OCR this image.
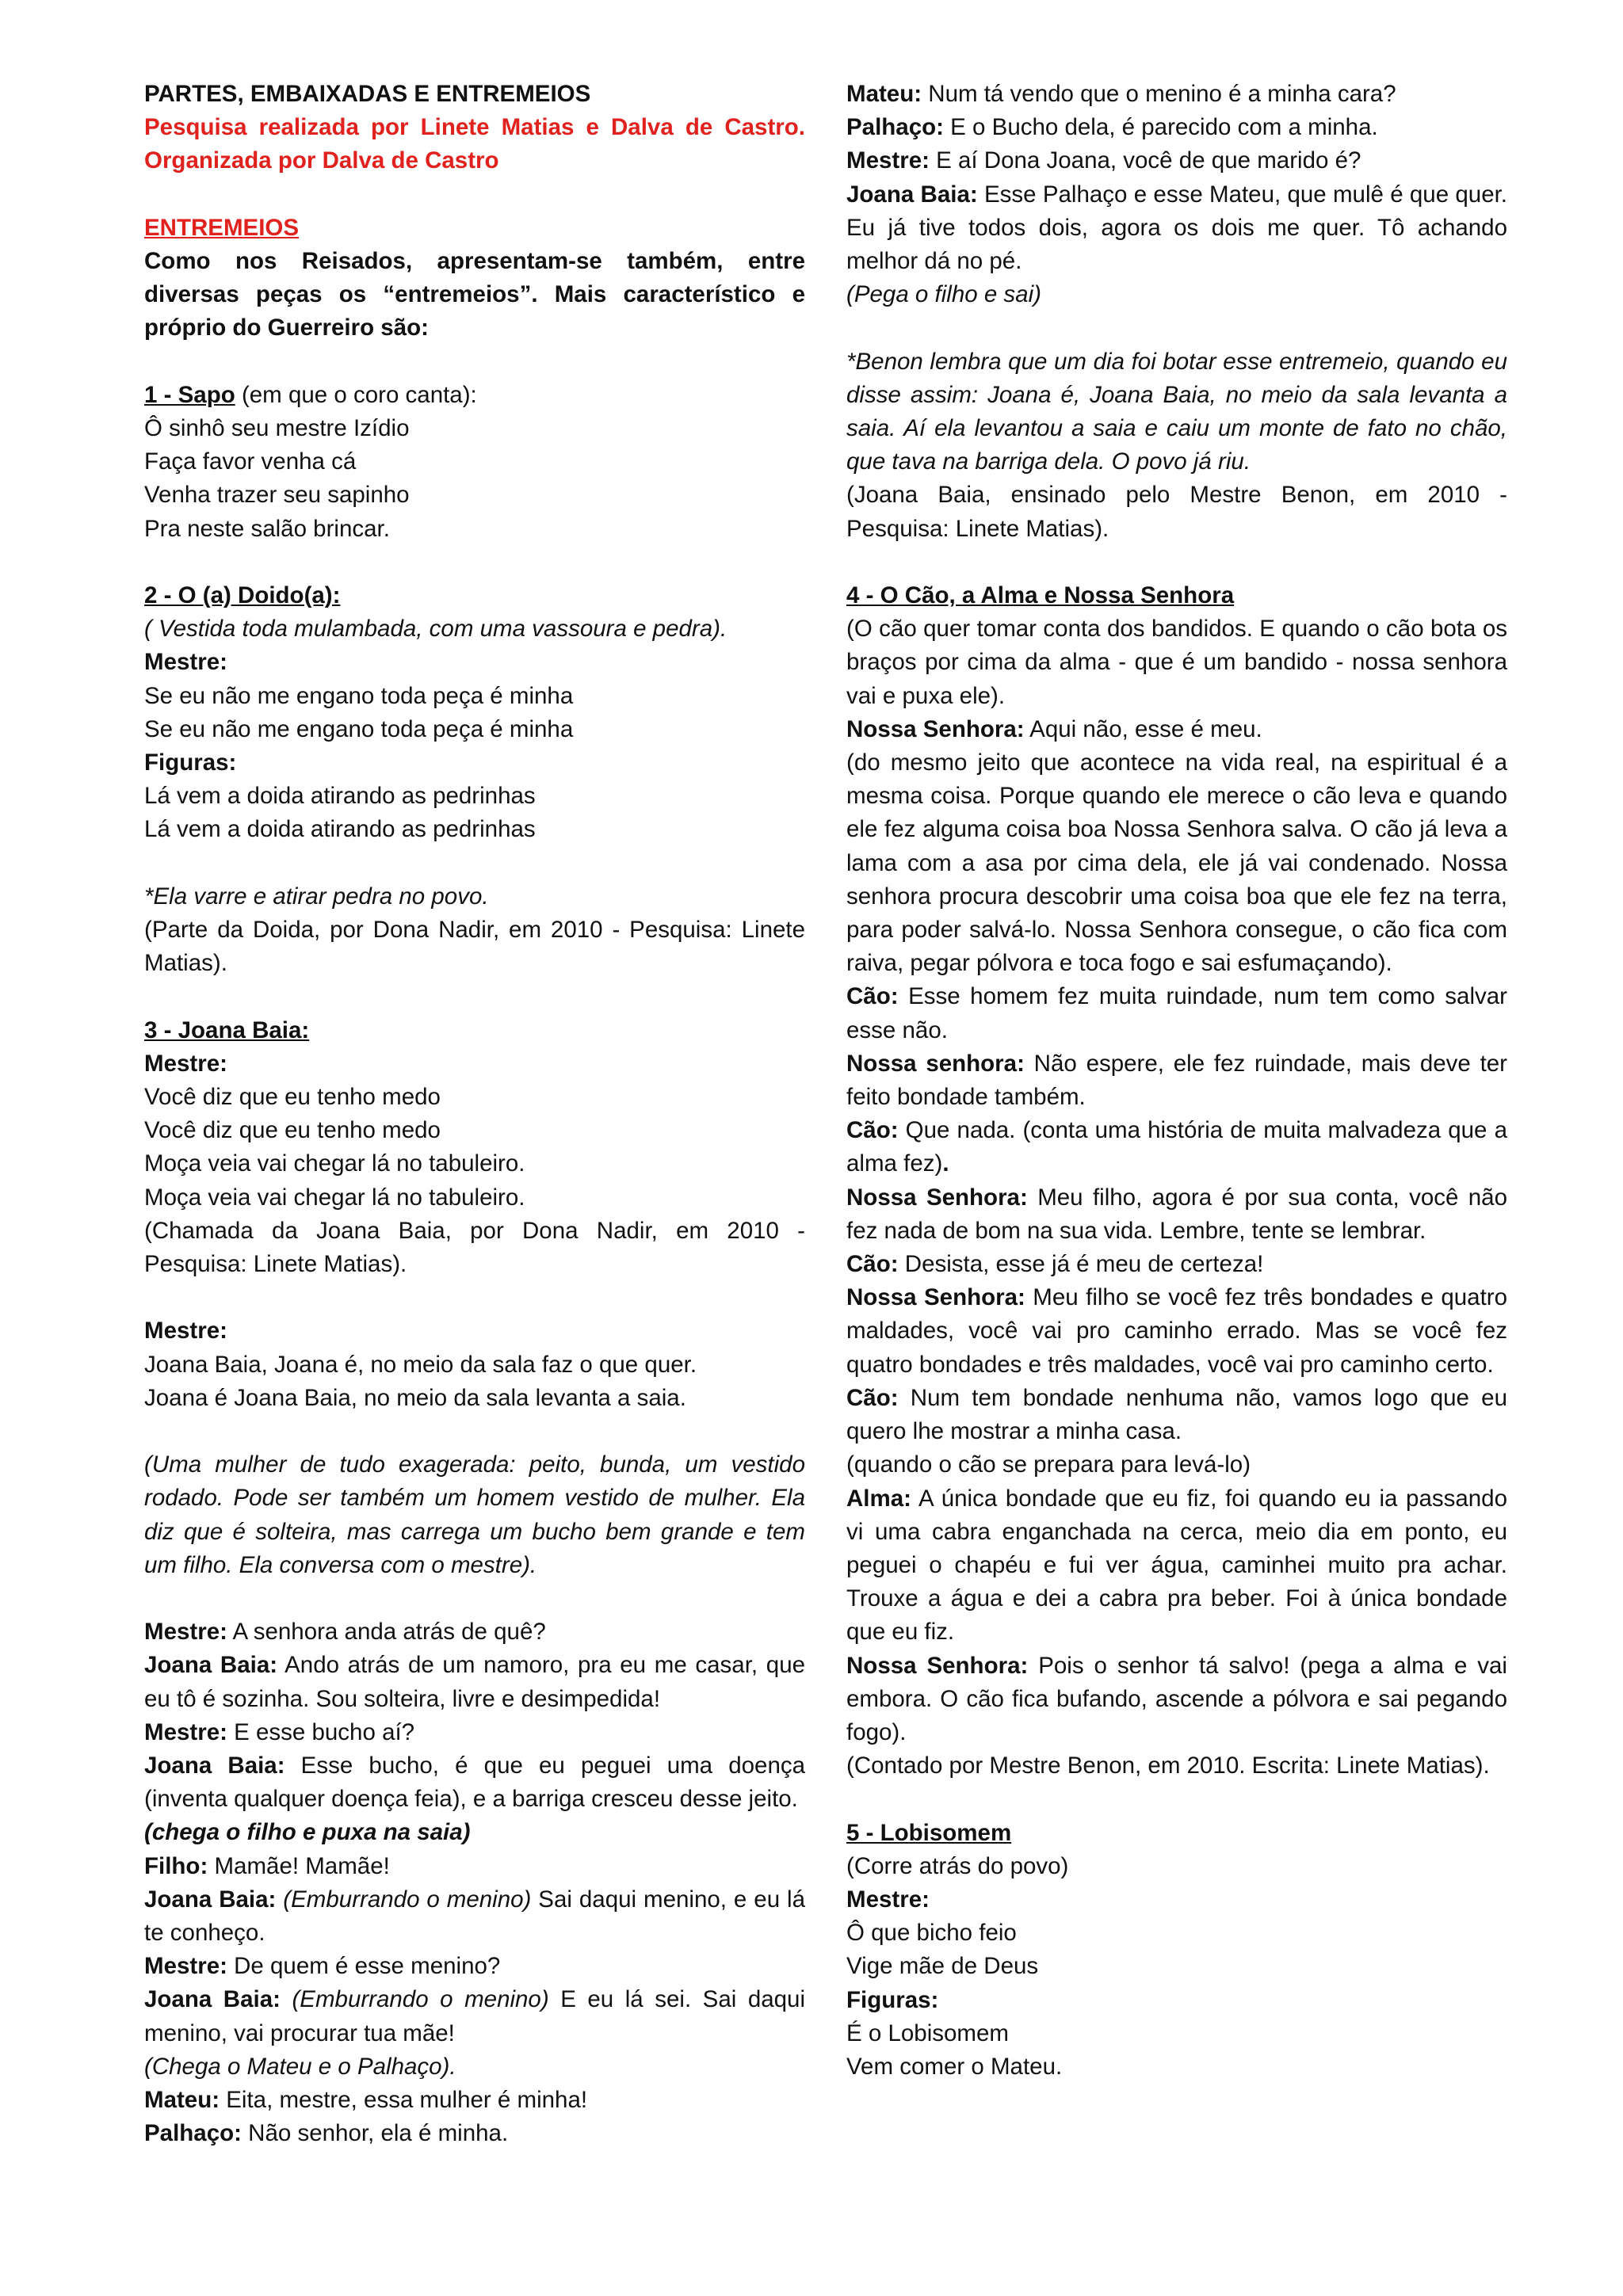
PARTES, EMBAIXADAS E ENTREMEIOS

Pesquisa realizada por Linete Matias e Dalva de Castro. Organizada por Dalva de Castro

ENTREMEIOS

Como nos Reisados, apresentam-se também, entre diversas peças os “entremeios”. Mais característico e próprio do Guerreiro são:

1 - Sapo (em que o coro canta):

Ô sinhô seu mestre Izídio

Faça favor venha cá

Venha trazer seu sapinho

Pra neste salão brincar.

2 - O (a) Doido(a):

( Vestida toda mulambada, com uma vassoura e pedra).

Mestre:

Se eu não me engano toda peça é minha

Se eu não me engano toda peça é minha

Figuras:

Lá vem a doida atirando as pedrinhas

Lá vem a doida atirando as pedrinhas

*Ela varre e atirar pedra no povo.

(Parte da Doida, por Dona Nadir, em 2010 - Pesquisa: Linete Matias).

3 - Joana Baia:

Mestre:

Você diz que eu tenho medo

Você diz que eu tenho medo

Moça veia vai chegar lá no tabuleiro.

Moça veia vai chegar lá no tabuleiro.

(Chamada da Joana Baia, por Dona Nadir, em 2010 - Pesquisa: Linete Matias).

Mestre:

Joana Baia, Joana é, no meio da sala faz o que quer.

Joana é Joana Baia, no meio da sala levanta a saia.

(Uma mulher de tudo exagerada: peito, bunda, um vestido rodado. Pode ser também um homem vestido de mulher. Ela diz que é solteira, mas carrega um bucho bem grande e tem um filho. Ela conversa com o mestre).

Mestre: A senhora anda atrás de quê?

Joana Baia: Ando atrás de um namoro, pra eu me casar, que eu tô é sozinha. Sou solteira, livre e desimpedida!

Mestre: E esse bucho aí?

Joana Baia: Esse bucho, é que eu peguei uma doença (inventa qualquer doença feia), e a barriga cresceu desse jeito.

(chega o filho e puxa na saia)

Filho: Mamãe! Mamãe!

Joana Baia: (Emburrando o menino) Sai daqui menino, e eu lá te conheço.

Mestre: De quem é esse menino?

Joana Baia: (Emburrando o menino) E eu lá sei. Sai daqui menino, vai procurar tua mãe!

(Chega o Mateu e o Palhaço).

Mateu: Eita, mestre, essa mulher é minha!

Palhaço: Não senhor, ela é minha.

Mateu: Num tá vendo que o menino é a minha cara?

Palhaço: E o Bucho dela, é parecido com a minha.

Mestre: E aí Dona Joana, você de que marido é?

Joana Baia: Esse Palhaço e esse Mateu, que mulê é que quer. Eu já tive todos dois, agora os dois me quer. Tô achando melhor dá no pé.

(Pega o filho e sai)

*Benon lembra que um dia foi botar esse entremeio, quando eu disse assim: Joana é, Joana Baia, no meio da sala levanta a saia. Aí ela levantou a saia e caiu um monte de fato no chão, que tava na barriga dela. O povo já riu.

(Joana Baia, ensinado pelo Mestre Benon, em 2010 - Pesquisa: Linete Matias).

4 - O Cão, a Alma e Nossa Senhora

(O cão quer tomar conta dos bandidos. E quando o cão bota os braços por cima da alma - que é um bandido - nossa senhora vai e puxa ele).

Nossa Senhora: Aqui não, esse é meu.

(do mesmo jeito que acontece na vida real, na espiritual é a mesma coisa. Porque quando ele merece o cão leva e quando ele fez alguma coisa boa Nossa Senhora salva. O cão já leva a lama com a asa por cima dela, ele já vai condenado. Nossa senhora procura descobrir uma coisa boa que ele fez na terra, para poder salvá-lo. Nossa Senhora consegue, o cão fica com raiva, pegar pólvora e toca fogo e sai esfumaçando).

Cão: Esse homem fez muita ruindade, num tem como salvar esse não.

Nossa senhora: Não espere, ele fez ruindade, mais deve ter feito bondade também.

Cão: Que nada. (conta uma história de muita malvadeza que a alma fez).

Nossa Senhora: Meu filho, agora é por sua conta, você não fez nada de bom na sua vida. Lembre, tente se lembrar.

Cão: Desista, esse já é meu de certeza!

Nossa Senhora: Meu filho se você fez três bondades e quatro maldades, você vai pro caminho errado. Mas se você fez quatro bondades e três maldades, você vai pro caminho certo.

Cão: Num tem bondade nenhuma não, vamos logo que eu quero lhe mostrar a minha casa.

(quando o cão se prepara para levá-lo)

Alma: A única bondade que eu fiz, foi quando eu ia passando vi uma cabra enganchada na cerca, meio dia em ponto, eu peguei o chapéu e fui ver água, caminhei muito pra achar. Trouxe a água e dei a cabra pra beber. Foi à única bondade que eu fiz.

Nossa Senhora: Pois o senhor tá salvo! (pega a alma e vai embora. O cão fica bufando, ascende a pólvora e sai pegando fogo).

(Contado por Mestre Benon, em 2010. Escrita: Linete Matias).

5 - Lobisomem

(Corre atrás do povo)

Mestre:

Ô que bicho feio

Vige mãe de Deus

Figuras:

É o Lobisomem

Vem comer o Mateu.
